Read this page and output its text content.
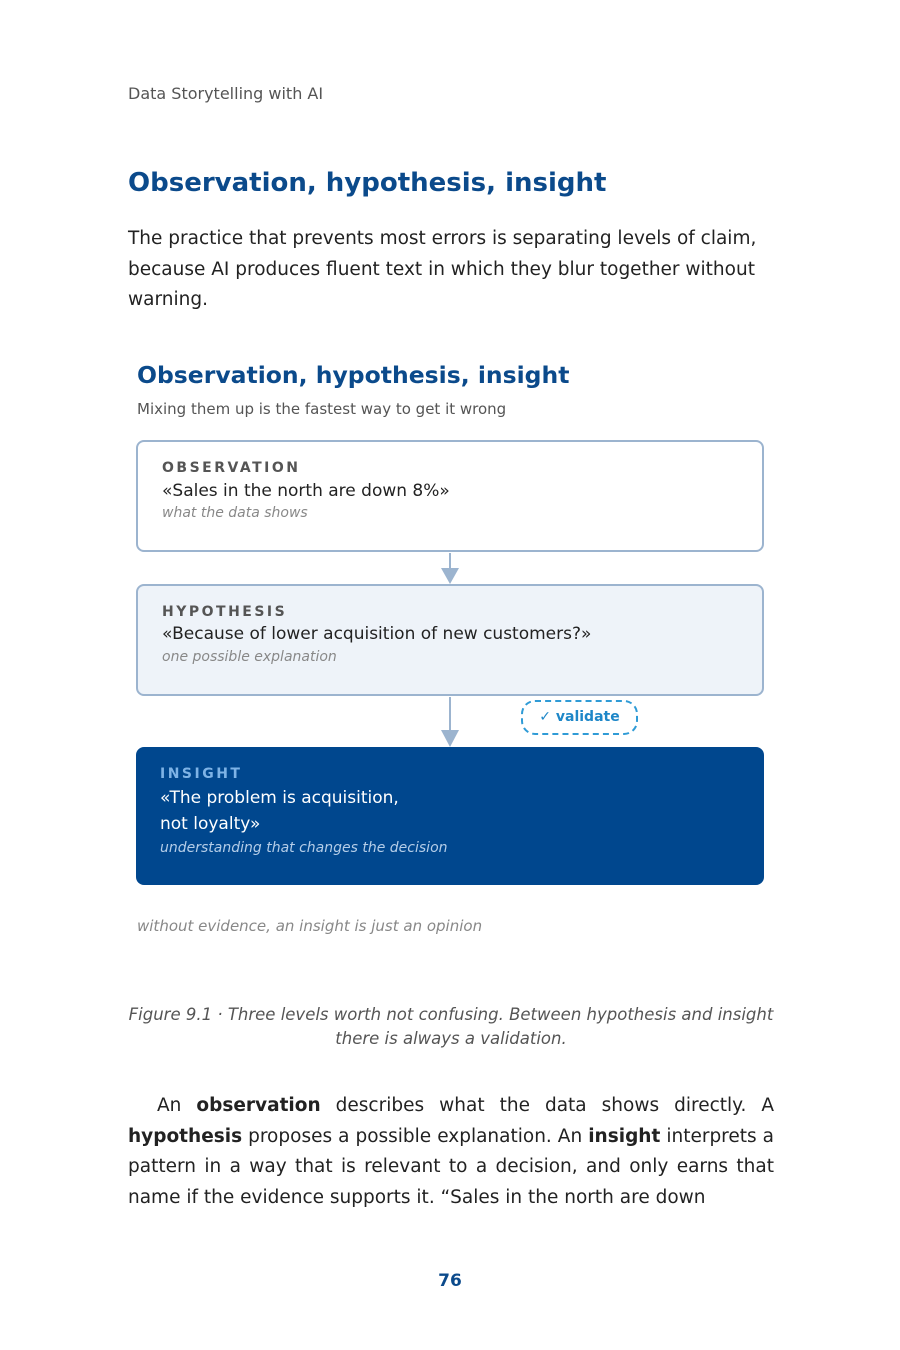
Data Storytelling with AI
Observation, hypothesis, insight

The practice that prevents most errors is separating levels of claim, because AI produces fluent text in which they blur together without warning.

Observation, hypothesis, insight
Mixing them up is the fastest way to get it wrong
OBSERVATION
«Sales in the north are down 8%»
what the data shows
HYPOTHESIS
«Because of lower acquisition of new customers?»
one possible explanation
✓ validate
INSIGHT
«The problem is acquisition,
not loyalty»
understanding that changes the decision
without evidence, an insight is just an opinion

Figure 9.1 · Three levels worth not confusing. Between hypothesis and insight there is always a validation.

An observation describes what the data shows directly. A hypothesis proposes a possible explanation. An insight interprets a pattern in a way that is relevant to a decision, and only earns that name if the evidence supports it. “Sales in the north are down

76
